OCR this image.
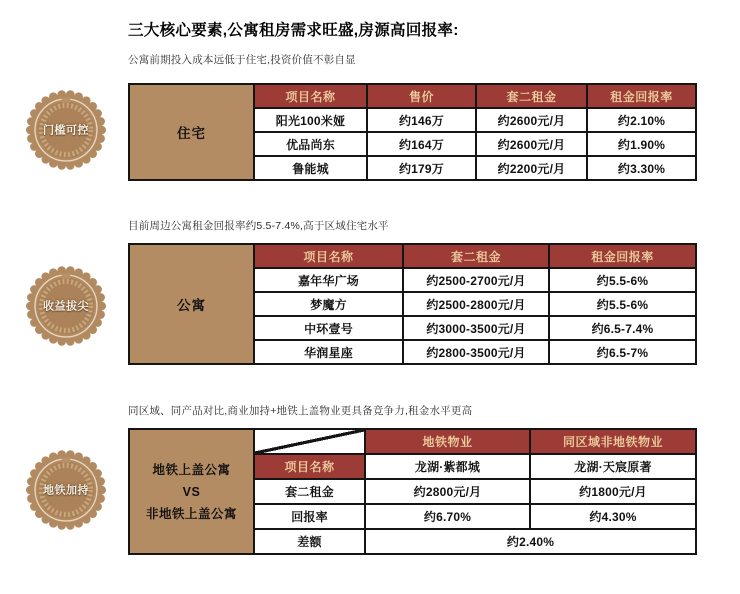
三大核心要素,公寓租房需求旺盛,房源高回报率:
公寓前期投入成本远低于住宅,投资价值不彰自显
目前周边公寓租金回报率约5.5-7.4%,高于区域住宅水平
同区域、同产品对比,商业加持+地铁上盖物业更具备竞争力,租金水平更高
门槛可控
收益拔尖
地铁加持
住宅	项目名称	售价	套二租金	租金回报率
	阳光100米娅	约146万	约2600元/月	约2.10%
	优品尚东	约164万	约2600元/月	约1.90%
	鲁能城	约179万	约2200元/月	约3.30%
公寓	项目名称	套二租金	租金回报率
	嘉年华广场	约2500-2700元/月	约5.5-6%
	梦魔方	约2500-2800元/月	约5.5-6%
	中环壹号	约3000-3500元/月	约6.5-7.4%
	华润星座	约2800-3500元/月	约6.5-7%
地铁上盖公寓
VS
非地铁上盖公寓		地铁物业	同区域非地铁物业
	项目名称	龙湖·紫都城	龙湖·天宸原著
	套二租金	约2800元/月	约1800元/月
	回报率	约6.70%	约4.30%
	差额	约2.40%	
